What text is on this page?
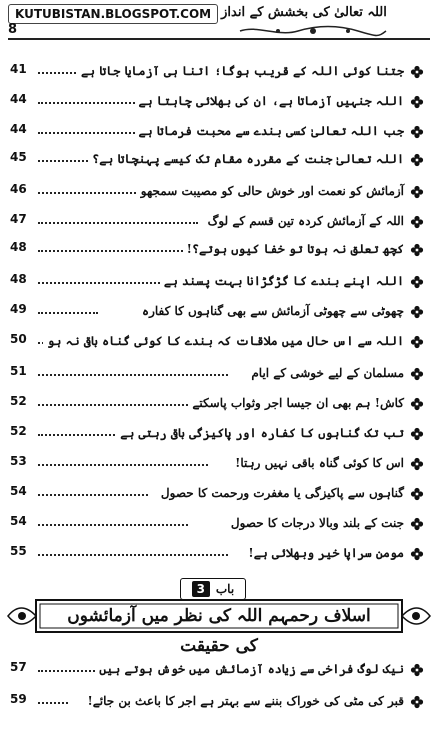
KUTUBISTAN.BLOGSPOT.COM
8
اللہ تعالیٰ کی بخشش کے انداز
41	جتنا کوئی اللہ کے قریب ہوگا؛ اتنا ہی آزمایا جاتا ہے
44	اللہ جنہیں آزماتا ہے، ان کی بھلائی چاہتا ہے
44	جب اللہ تعالیٰ کسی بندے سے محبت فرماتا ہے
45	اللہ تعالیٰ جنت کے مقررہ مقام تک کیسے پہنچاتا ہے؟
46	آزمائش کو نعمت اور خوش حالی کو مصیبت سمجھو
47	اللہ کے آزمائش کردہ تین قسم کے لوگ
48	کچھ تعلق نہ ہوتا تو خفا کیوں ہوتے؟!
48	اللہ اپنے بندے کا گڑگڑانا بہت پسند ہے
49	چھوٹی سے چھوٹی آزمائش سے بھی گناہوں کا کفارہ
50	اللہ سے اس حال میں ملاقات کہ بندے کا کوئی گناہ باقی نہ ہو
51	مسلمان کے لیے خوشی کے ایام
52	کاش! ہم بھی ان جیسا اجر وثواب پاسکتے
52	تب تک گناہوں کا کفارہ اور پاکیزگی باقی رہتی ہے
53	اس کا کوئی گناہ باقی نہیں رہتا!
54	گناہوں سے پاکیزگی یا مغفرت ورحمت کا حصول
54	جنت کے بلند وبالا درجات کا حصول
55	مومن سراپا خیر وبھلائی ہے!
باب
3
اسلاف رحمہم اللہ کی نظر میں آزمائشوں کی حقیقت
57	نیک لوگ فراخی سے زیادہ آزمائش میں خوش ہوتے ہیں
59	قبر کی مٹی کی خوراک بننے سے بہتر ہے اجر کا باعث بن جائے!
